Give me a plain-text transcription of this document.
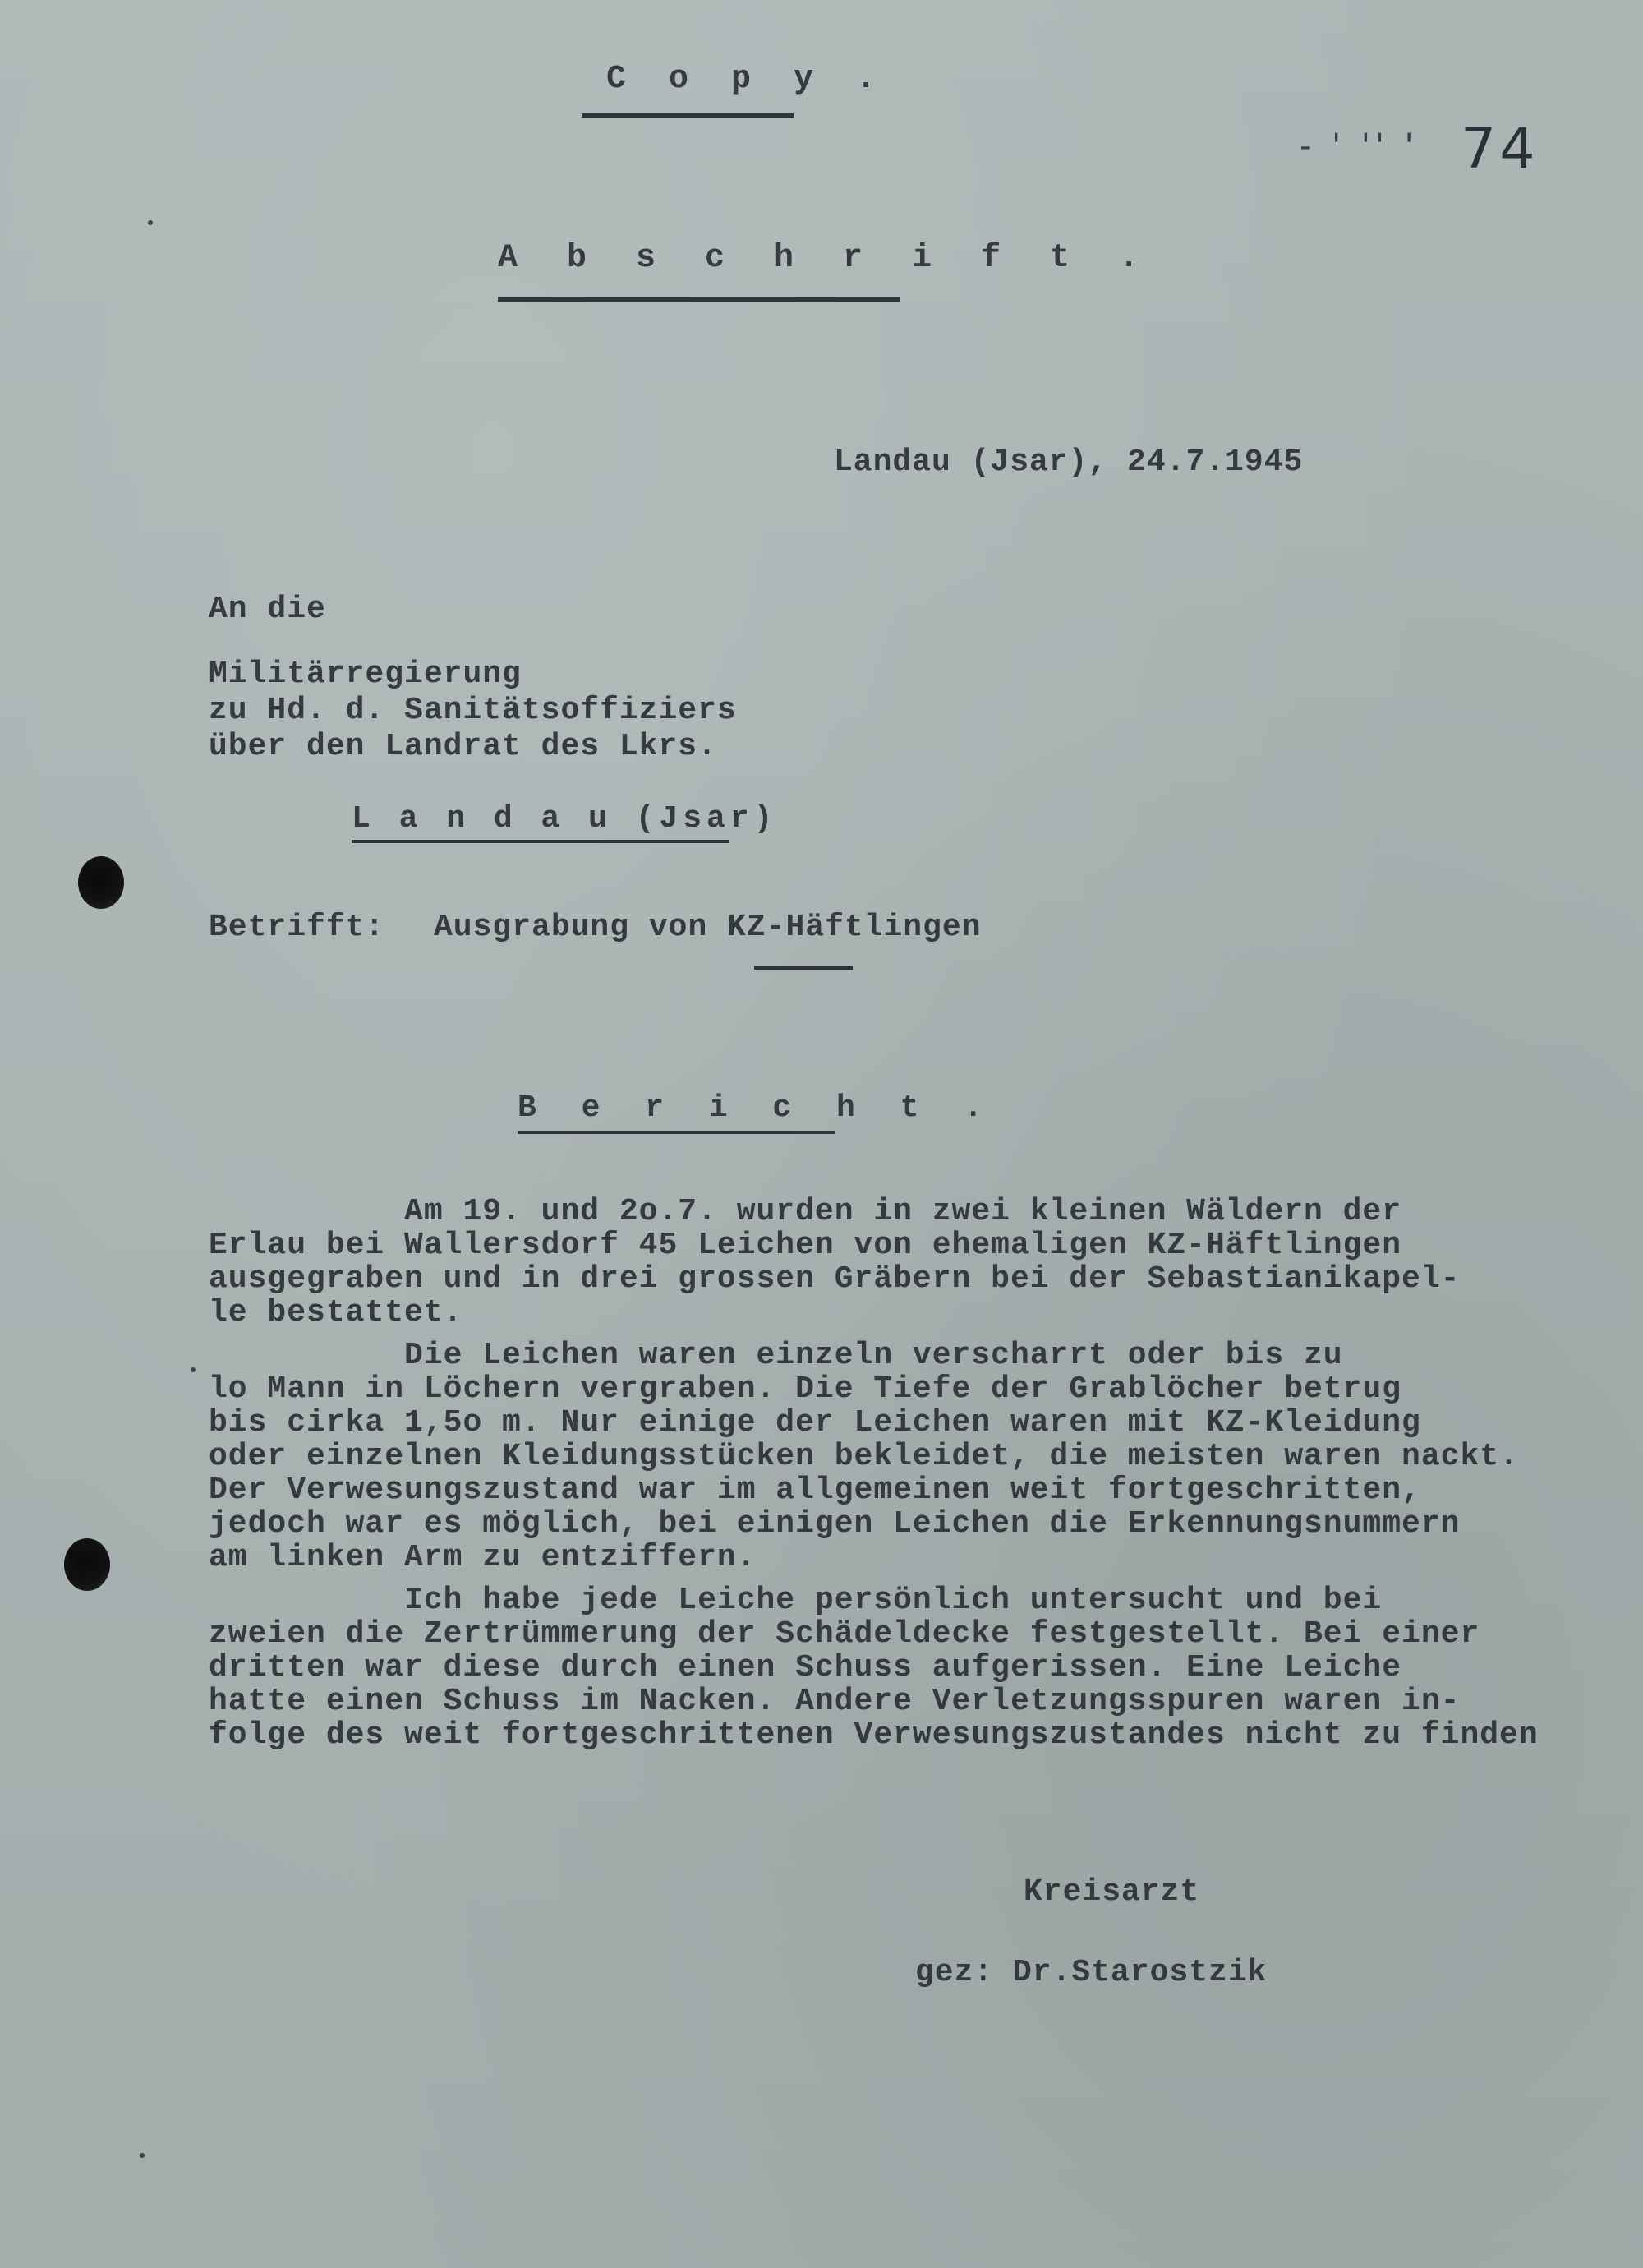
C o p y .
- ' '' ' 74
A b s c h r i f t .
Landau (Jsar), 24.7.1945
An die
Militärregierung
zu Hd. d. Sanitätsoffiziers
über den Landrat des Lkrs.
L a n d a u (Jsar)
Betrifft: Ausgrabung von KZ-Häftlingen
B e r i c h t .
Am 19. und 2o.7. wurden in zwei kleinen Wäldern der
Erlau bei Wallersdorf 45 Leichen von ehemaligen KZ-Häftlingen
ausgegraben und in drei grossen Gräbern bei der Sebastianikapel-
le bestattet.
Die Leichen waren einzeln verscharrt oder bis zu
lo Mann in Löchern vergraben. Die Tiefe der Grablöcher betrug
bis cirka 1,5o m. Nur einige der Leichen waren mit KZ-Kleidung
oder einzelnen Kleidungsstücken bekleidet, die meisten waren nackt.
Der Verwesungszustand war im allgemeinen weit fortgeschritten,
jedoch war es möglich, bei einigen Leichen die Erkennungsnummern
am linken Arm zu entziffern.
Ich habe jede Leiche persönlich untersucht und bei
zweien die Zertrümmerung der Schädeldecke festgestellt. Bei einer
dritten war diese durch einen Schuss aufgerissen. Eine Leiche
hatte einen Schuss im Nacken. Andere Verletzungsspuren waren in-
folge des weit fortgeschrittenen Verwesungszustandes nicht zu finden
Kreisarzt
gez: Dr.Starostzik
